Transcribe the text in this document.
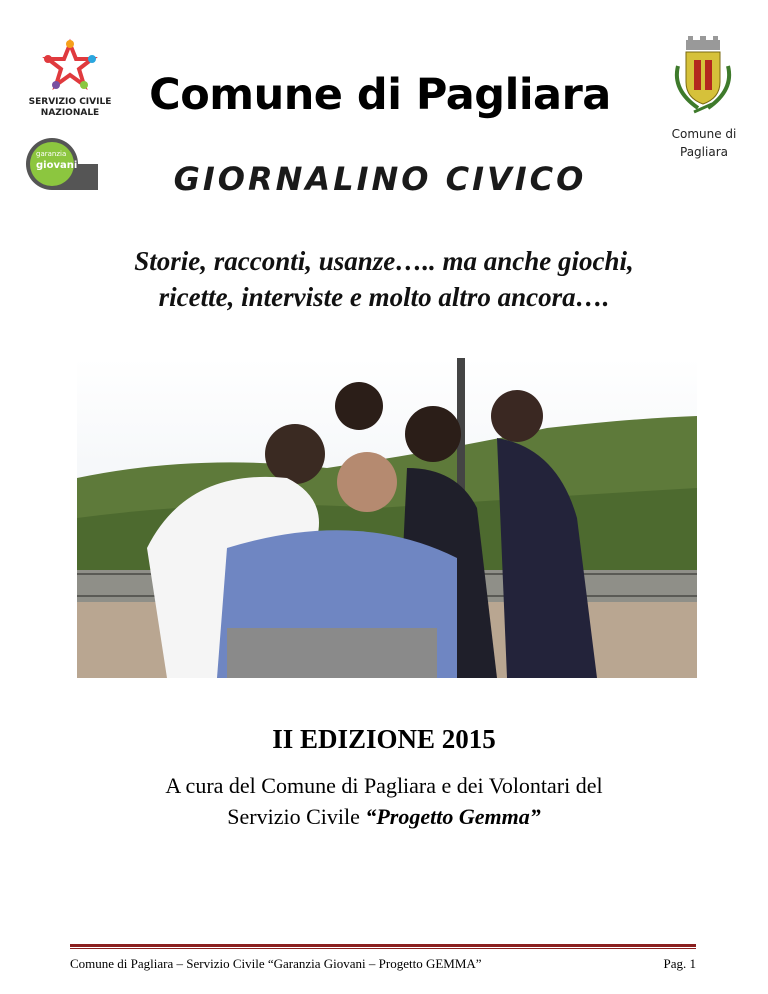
SERVIZIO CIVILE
NAZIONALE
garanzia
giovani
Comune di
Pagliara
Comune di Pagliara
GIORNALINO CIVICO
Storie, racconti, usanze….. ma anche giochi,
ricette, interviste e molto altro ancora….
II EDIZIONE 2015
A cura del Comune di Pagliara e dei Volontari del
Servizio Civile “Progetto Gemma”
Comune di Pagliara – Servizio Civile “Garanzia Giovani – Progetto GEMMA”	Pag. 1
